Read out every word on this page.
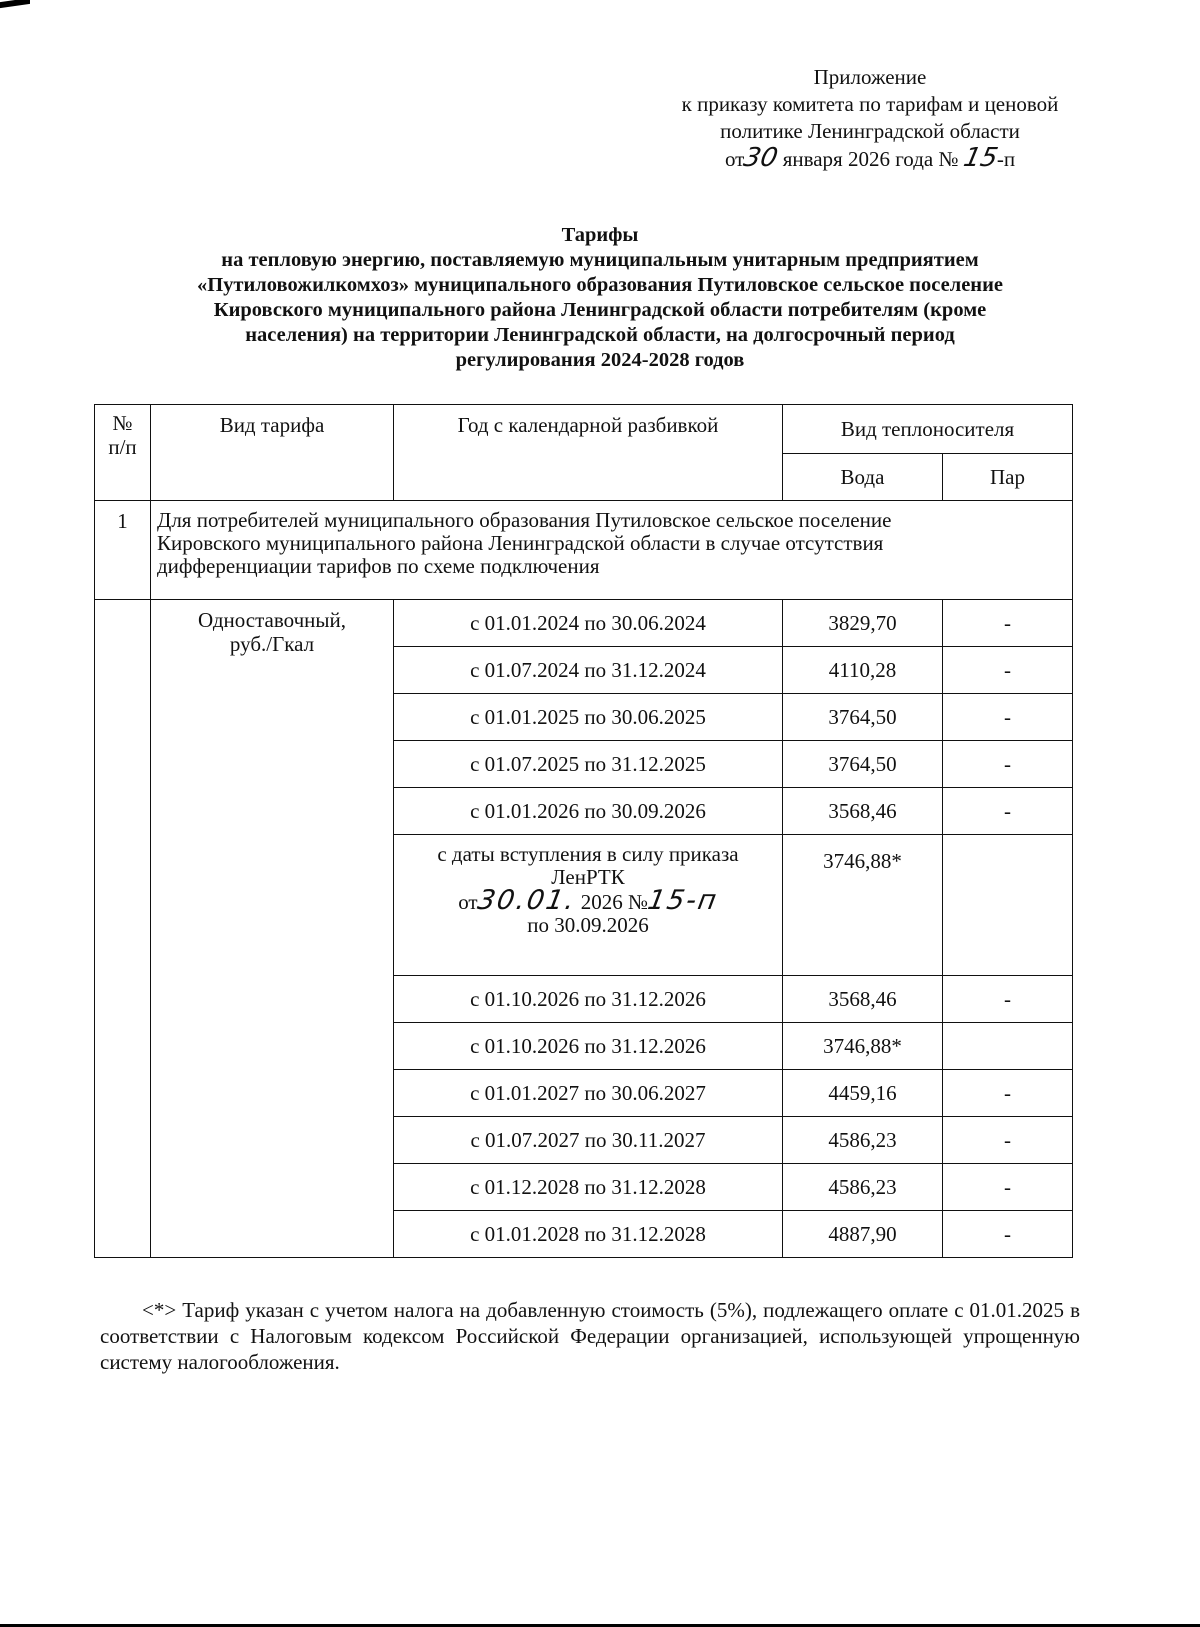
Приложение
к приказу комитета по тарифам и ценовой
политике Ленинградской области
от30 января 2026 года № 15-п
Тарифы
на тепловую энергию, поставляемую муниципальным унитарным предприятием
«Путиловожилкомхоз» муниципального образования Путиловское сельское поселение
Кировского муниципального района Ленинградской области потребителям (кроме
населения) на территории Ленинградской области, на долгосрочный период
регулирования 2024-2028 годов
№
п/п	Вид тарифа	Год с календарной разбивкой	Вид теплоносителя	
			Вода	Пар
1	Для потребителей муниципального образования Путиловское сельское поселение
Кировского муниципального района Ленинградской области в случае отсутствия
дифференциации тарифов по схеме подключения			

	Одноставочный,
руб./Гкал	с 01.01.2024 по 30.06.2024	3829,70	-
		с 01.07.2024 по 31.12.2024	4110,28	-
		с 01.01.2025 по 30.06.2025	3764,50	-
		с 01.07.2025 по 31.12.2025	3764,50	-
		с 01.01.2026 по 30.09.2026	3568,46	-

		с даты вступления в силу приказа
ЛенРТК
от30.01. 2026 №15-п
по 30.09.2026	3746,88*	
		с 01.10.2026 по 31.12.2026	3568,46	-
		с 01.10.2026 по 31.12.2026	3746,88*	
		с 01.01.2027 по 30.06.2027	4459,16	-
		с 01.07.2027 по 30.11.2027	4586,23	-
		с 01.12.2028 по 31.12.2028	4586,23	-
		с 01.01.2028 по 31.12.2028	4887,90	-
<*> Тариф указан с учетом налога на добавленную стоимость (5%), подлежащего оплате с 01.01.2025 в соответствии с Налоговым кодексом Российской Федерации организацией, использующей упрощенную систему налогообложения.
